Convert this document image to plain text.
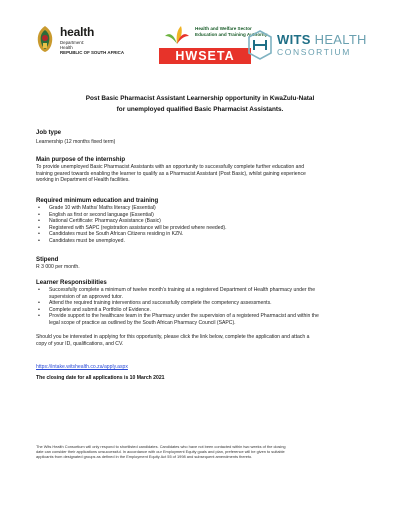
health
Department:
Health
REPUBLIC OF SOUTH AFRICA
Health and Welfare Sector
Education and Training Authority
HWSETA
WITS HEALTH
CONSORTIUM
Post Basic Pharmacist Assistant Learnership opportunity in KwaZulu-Natal
for unemployed qualified Basic Pharmacist Assistants.

Job type

Learnership (12 months fixed term)

Main purpose of the internship

To provide unemployed Basic Pharmacist Assistants with an opportunity to successfully complete further education and

training geared towards enabling the learner to qualify as a Pharmacist Assistant (Post Basic), whilst gaining experience

working in Department of Health facilities.

Required minimum education and training

• Grade 10 with Maths/ Maths literacy (Essential)
• English as first or second language (Essential)
• National Certificate: Pharmacy Assistance (Basic)
• Registered with SAPC (registration assistance will be provided where needed).
• Candidates must be South African Citizens residing in KZN.
• Candidates must be unemployed.

Stipend

R 3 000 per month.

Learner Responsibilities

• Successfully complete a minimum of twelve month’s training at a registered Department of Health pharmacy under the
supervision of an approved tutor.
• Attend the required training interventions and successfully complete the competency assessments.
• Complete and submit a Portfolio of Evidence.
• Provide support to the healthcare team in the Pharmacy under the supervision of a registered Pharmacist and within the
legal scope of practice as outlined by the South African Pharmacy Council (SAPC).

Should you be interested in applying for this opportunity, please click the link below, complete the application and attach a

copy of your ID, qualifications, and CV.

https://intake.witshealth.co.za/apply.aspx

The closing date for all applications is 10 March 2021

The Wits Health Consortium will only respond to shortlisted candidates. Candidates who have not been contacted within two weeks of the closing
date can consider their applications unsuccessful. In accordance with our Employment Equity goals and plan, preference will be given to suitable
applicants from designated groups as defined in the Employment Equity Act 55 of 1998 and subsequent amendments thereto.
